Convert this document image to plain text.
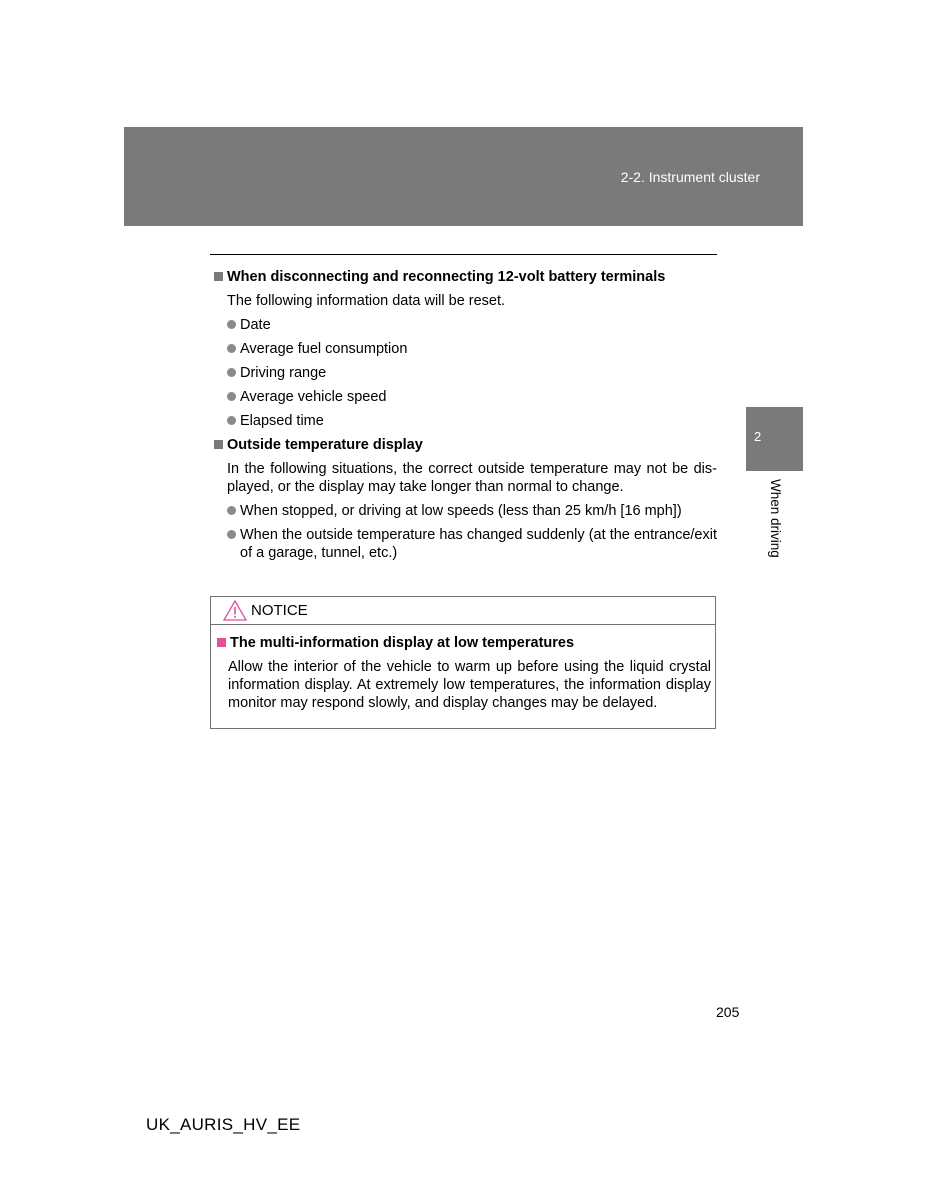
2-2. Instrument cluster
When disconnecting and reconnecting 12-volt battery terminals

The following information data will be reset.

Date
Average fuel consumption
Driving range
Average vehicle speed
Elapsed time
Outside temperature display

In the following situations, the correct outside temperature may not be dis-played, or the display may take longer than normal to change.

When stopped, or driving at low speeds (less than 25 km/h [16 mph])
When the outside temperature has changed suddenly (at the entrance/exit of a garage, tunnel, etc.)
NOTICE
The multi-information display at low temperatures

Allow the interior of the vehicle to warm up before using the liquid crystal information display. At extremely low temperatures, the information display monitor may respond slowly, and display changes may be delayed.

2
When driving
205
UK_AURIS_HV_EE
